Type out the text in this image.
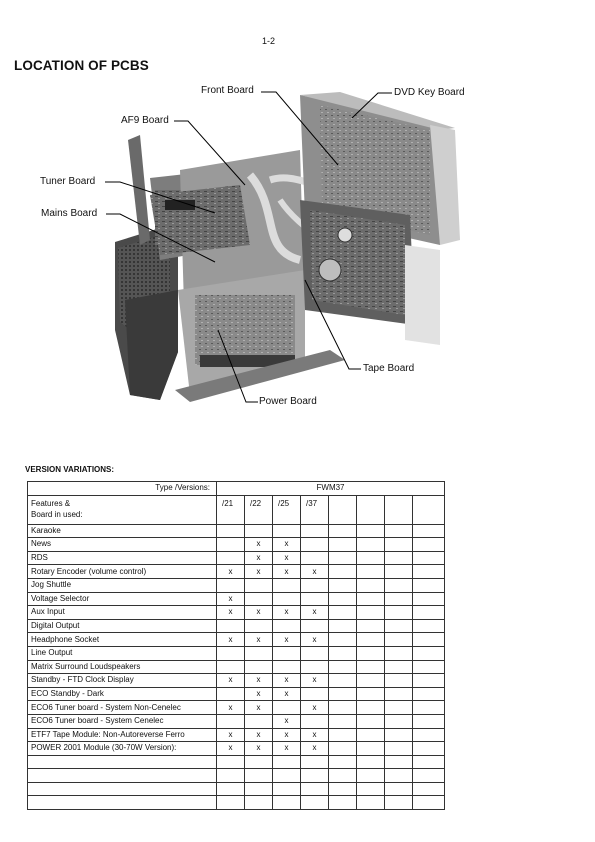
1-2
LOCATION OF PCBS
Front Board	DVD Key Board
AF9 Board
Tuner Board
Mains Board
Tape Board
Power Board
VERSION VARIATIONS:
Type /Versions:	FWM37							

Features &
Board in used:	/21	/22	/25	/37				
Karaoke								
News		x	x					
RDS		x	x					
Rotary Encoder (volume control)	x	x	x	x				
Jog Shuttle								
Voltage Selector	x							
Aux Input	x	x	x	x				
Digital Output								
Headphone Socket	x	x	x	x				
Line Output								
Matrix Surround Loudspeakers								
Standby - FTD Clock Display	x	x	x	x				
ECO Standby - Dark		x	x					
ECO6 Tuner board - System Non-Cenelec	x	x		x				
ECO6 Tuner board - System Cenelec			x					
ETF7 Tape Module: Non-Autoreverse Ferro	x	x	x	x				
POWER 2001 Module (30-70W Version):	x	x	x	x				
